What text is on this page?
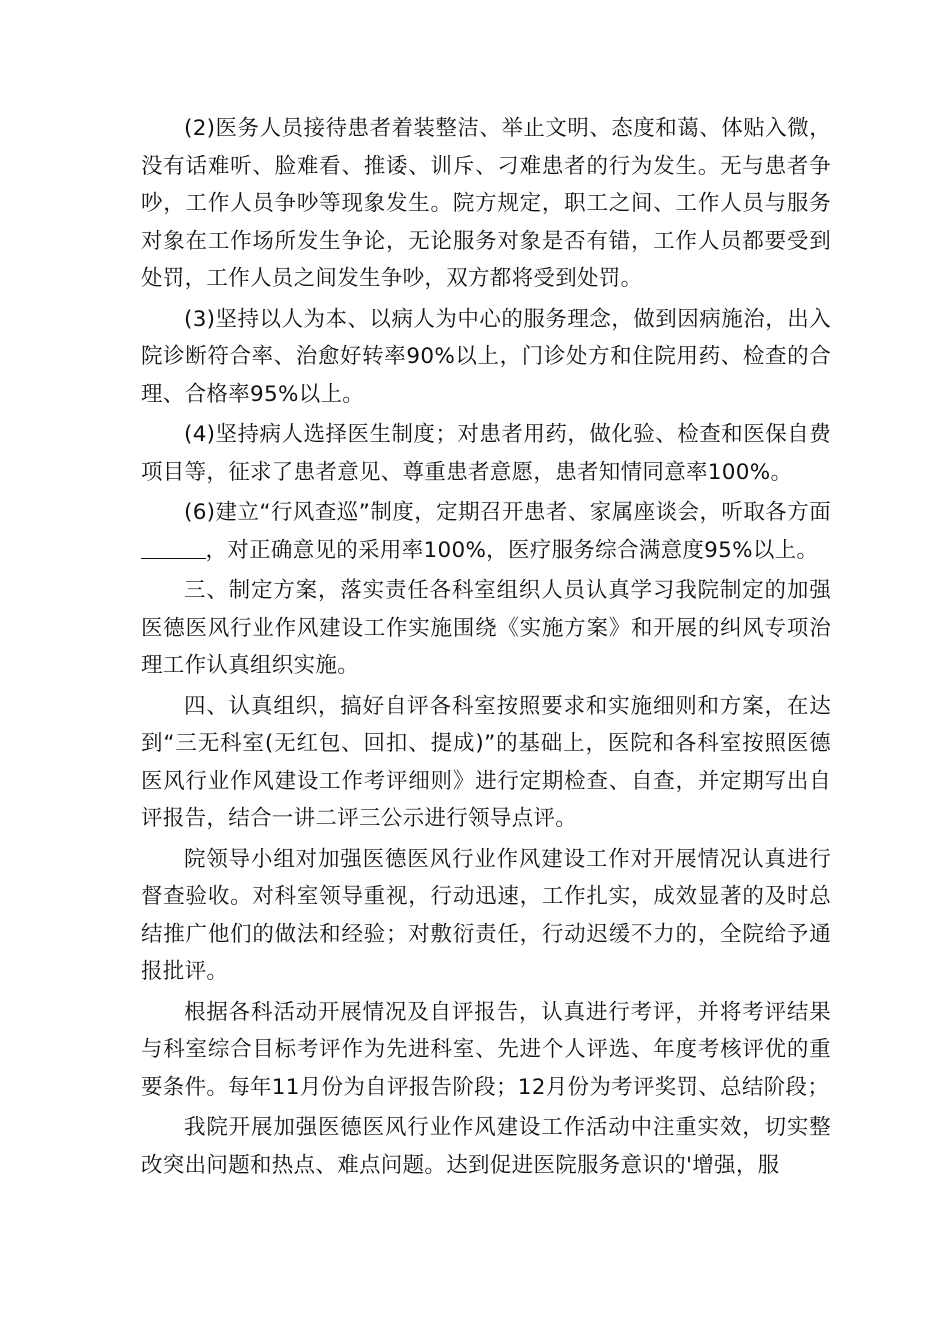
(2)医务人员接待患者着装整洁、举止文明、态度和蔼、体贴入微，没有话难听、脸难看、推诿、训斥、刁难患者的行为发生。无与患者争吵，工作人员争吵等现象发生。院方规定，职工之间、工作人员与服务对象在工作场所发生争论，无论服务对象是否有错，工作人员都要受到处罚，工作人员之间发生争吵，双方都将受到处罚。

(3)坚持以人为本、以病人为中心的服务理念，做到因病施治，出入院诊断符合率、治愈好转率90%以上，门诊处方和住院用药、检查的合理、合格率95%以上。

(4)坚持病人选择医生制度；对患者用药，做化验、检查和医保自费项目等，征求了患者意见、尊重患者意愿，患者知情同意率100%。

(6)建立“行风查巡”制度，定期召开患者、家属座谈会，听取各方面，对正确意见的采用率100%，医疗服务综合满意度95%以上。

三、制定方案，落实责任各科室组织人员认真学习我院制定的加强医德医风行业作风建设工作实施围绕《实施方案》和开展的纠风专项治理工作认真组织实施。

四、认真组织，搞好自评各科室按照要求和实施细则和方案，在达到“三无科室(无红包、回扣、提成)”的基础上，医院和各科室按照医德医风行业作风建设工作考评细则》进行定期检查、自查，并定期写出自评报告，结合一讲二评三公示进行领导点评。

院领导小组对加强医德医风行业作风建设工作对开展情况认真进行督查验收。对科室领导重视，行动迅速，工作扎实，成效显著的及时总结推广他们的做法和经验；对敷衍责任，行动迟缓不力的，全院给予通报批评。

根据各科活动开展情况及自评报告，认真进行考评，并将考评结果与科室综合目标考评作为先进科室、先进个人评选、年度考核评优的重要条件。每年11月份为自评报告阶段；12月份为考评奖罚、总结阶段；

我院开展加强医德医风行业作风建设工作活动中注重实效，切实整改突出问题和热点、难点问题。达到促进医院服务意识的'增强，服
